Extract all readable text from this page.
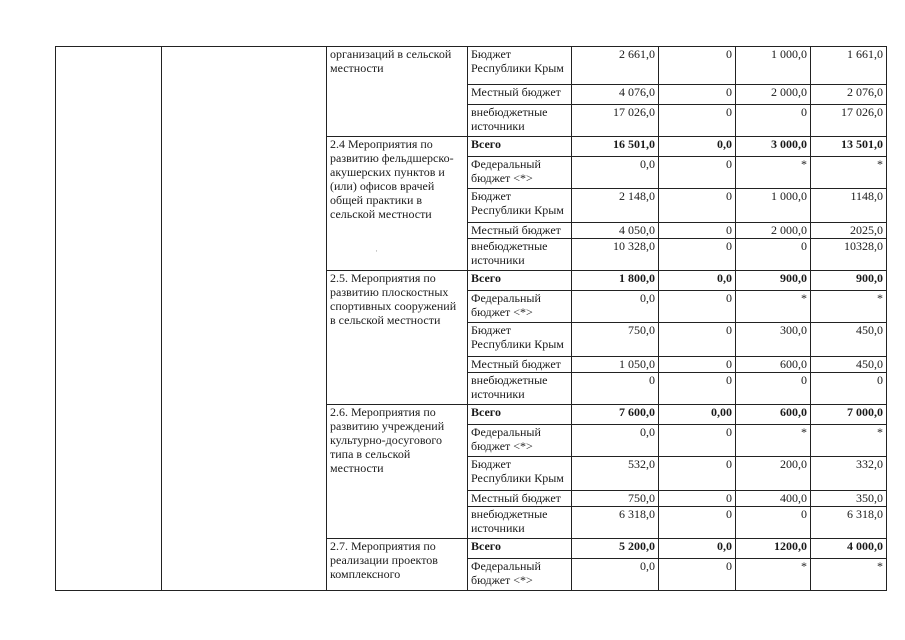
		организаций в сельской местности	Бюджет Республики Крым	2 661,0	0	1 000,0	1 661,0
			Местный бюджет	4 076,0	0	2 000,0	2 076,0
			внебюджетные источники	17 026,0	0	0	17 026,0
		2.4 Мероприятия по развитию фельдшерско-акушерских пунктов и (или) офисов врачей общей практики в сельской местности	Всего	16 501,0	0,0	3 000,0	13 501,0
			Федеральный бюджет <*>	0,0	0	*	*
			Бюджет Республики Крым	2 148,0	0	1 000,0	1148,0
			Местный бюджет	4 050,0	0	2 000,0	2025,0
			внебюджетные источники	10 328,0	0	0	10328,0
		2.5. Мероприятия по развитию плоскостных спортивных сооружений в сельской местности	Всего	1 800,0	0,0	900,0	900,0
			Федеральный бюджет <*>	0,0	0	*	*
			Бюджет Республики Крым	750,0	0	300,0	450,0
			Местный бюджет	1 050,0	0	600,0	450,0
			внебюджетные источники	0	0	0	0
		2.6. Мероприятия по развитию учреждений культурно-досугового типа в сельской местности	Всего	7 600,0	0,00	600,0	7 000,0
			Федеральный бюджет <*>	0,0	0	*	*
			Бюджет Республики Крым	532,0	0	200,0	332,0
			Местный бюджет	750,0	0	400,0	350,0
			внебюджетные источники	6 318,0	0	0	6 318,0
		2.7. Мероприятия по реализации проектов комплексного	Всего	5 200,0	0,0	1200,0	4 000,0
			Федеральный бюджет <*>	0,0	0	*	*
·
